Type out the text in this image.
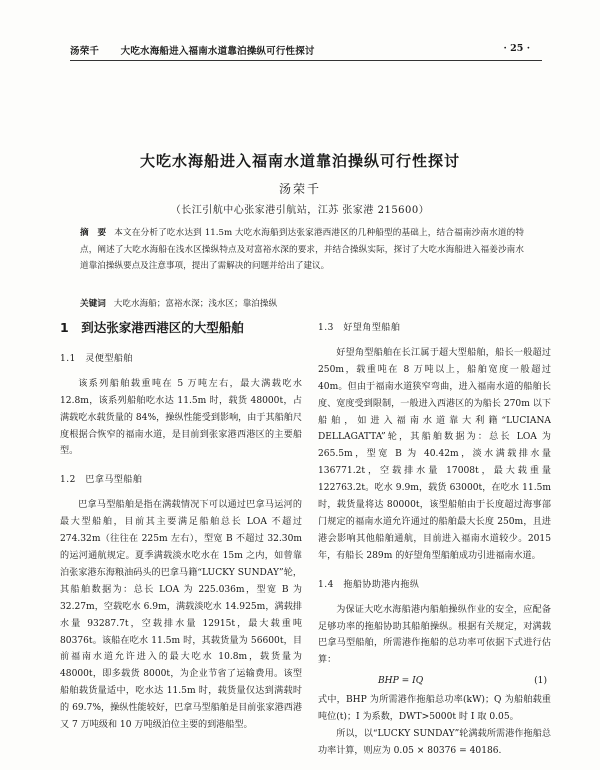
汤荣千 大吃水海船进入福南水道靠泊操纵可行性探讨	· 25 ·
大吃水海船进入福南水道靠泊操纵可行性探讨
汤荣千
（长江引航中心张家港引航站，江苏 张家港 215600）
摘　要 本文在分析了吃水达到 11.5m 大吃水海船到达张家港西港区的几种船型的基础上，结合福南沙南水道的特点，阐述了大吃水海船在浅水区操纵特点及对富裕水深的要求，并结合操纵实际，探讨了大吃水海船进入福姜沙南水道靠泊操纵要点及注意事项，提出了需解决的问题并给出了建议。
关键词 大吃水海船；富裕水深；浅水区；靠泊操纵
1　到达张家港西港区的大型船舶
1.1　灵便型船舶

该系列船舶载重吨在 5 万吨左右，最大满载吃水 12.8m，该系列船舶吃水达 11.5m 时，载货 48000t，占满载吃水载货量的 84%，操纵性能受到影响，由于其船舶尺度根据合恢窄的福南水道，是目前到张家港西港区的主要船型。

1.2　巴拿马型船舶

巴拿马型船舶是指在满载情况下可以通过巴拿马运河的最大型船舶，目前其主要满足船舶总长 LOA 不超过 274.32m（往往在 225m 左右），型宽 B 不超过 32.30m 的运河通航规定。夏季满载淡水吃水在 15m 之内，如曾靠泊张家港东海粮油码头的巴拿马籍“LUCKY SUNDAY”轮，其船舶数据为：总长 LOA 为 225.036m，型宽 B 为 32.27m，空载吃水 6.9m，满载淡吃水 14.925m，满载排水量 93287.7t，空载排水量 12915t，最大载重吨 80376t。该船在吃水 11.5m 时，其载货量为 56600t，目前福南水道允许进入的最大吃水 10.8m，载货量为 48000t，即多载货 8000t，为企业节省了运输费用。该型船舶载货量适中，吃水达 11.5m 时，载货量仅达到满载时的 69.7%，操纵性能较好，巴拿马型船舶是目前张家港西港又 7 万吨级和 10 万吨级泊位主要的到港船型。

1.3　好望角型船舶

好望角型船舶在长江属于超大型船舶，船长一般超过 250m，载重吨在 8 万吨以上，船舶宽度一般超过 40m。但由于福南水道狭窄弯曲，进入福南水道的船舶长度、宽度受到限制，一般进入西港区的为船长 270m 以下船舶，如进入福南水道靠大利籍“LUCIANA DELLAGATTA”轮，其船舶数据为：总长 LOA 为 265.5m，型宽 B 为 40.42m，淡水满载排水量 136771.2t，空载排水量 17008t，最大载重量 122763.2t。吃水 9.9m，载货 63000t，在吃水 11.5m 时，载货量将达 80000t，该型船舶由于长度超过海事部门规定的福南水道允许通过的船舶最大长度 250m，且进港会影响其他船舶通航，目前进入福南水道较少。2015 年，有船长 289m 的好望角型船舶成功引进福南水道。

1.4　拖船协助港内拖纵

为保证大吃水海船港内船舶操纵作业的安全，应配备足够功率的拖船协助其船舶操纵。根据有关规定，对满载巴拿马型船舶，所需港作拖船的总功率可依据下式进行估算：

BHP = IQ	(1)

式中，BHP 为所需港作拖船总功率(kW)；Q 为船舶载重吨位(t)；I 为系数，DWT>5000t 时 I 取 0.05。

所以，以“LUCKY SUNDAY”轮满载所需港作拖船总功率计算，则应为 0.05 × 80376 = 40186.
